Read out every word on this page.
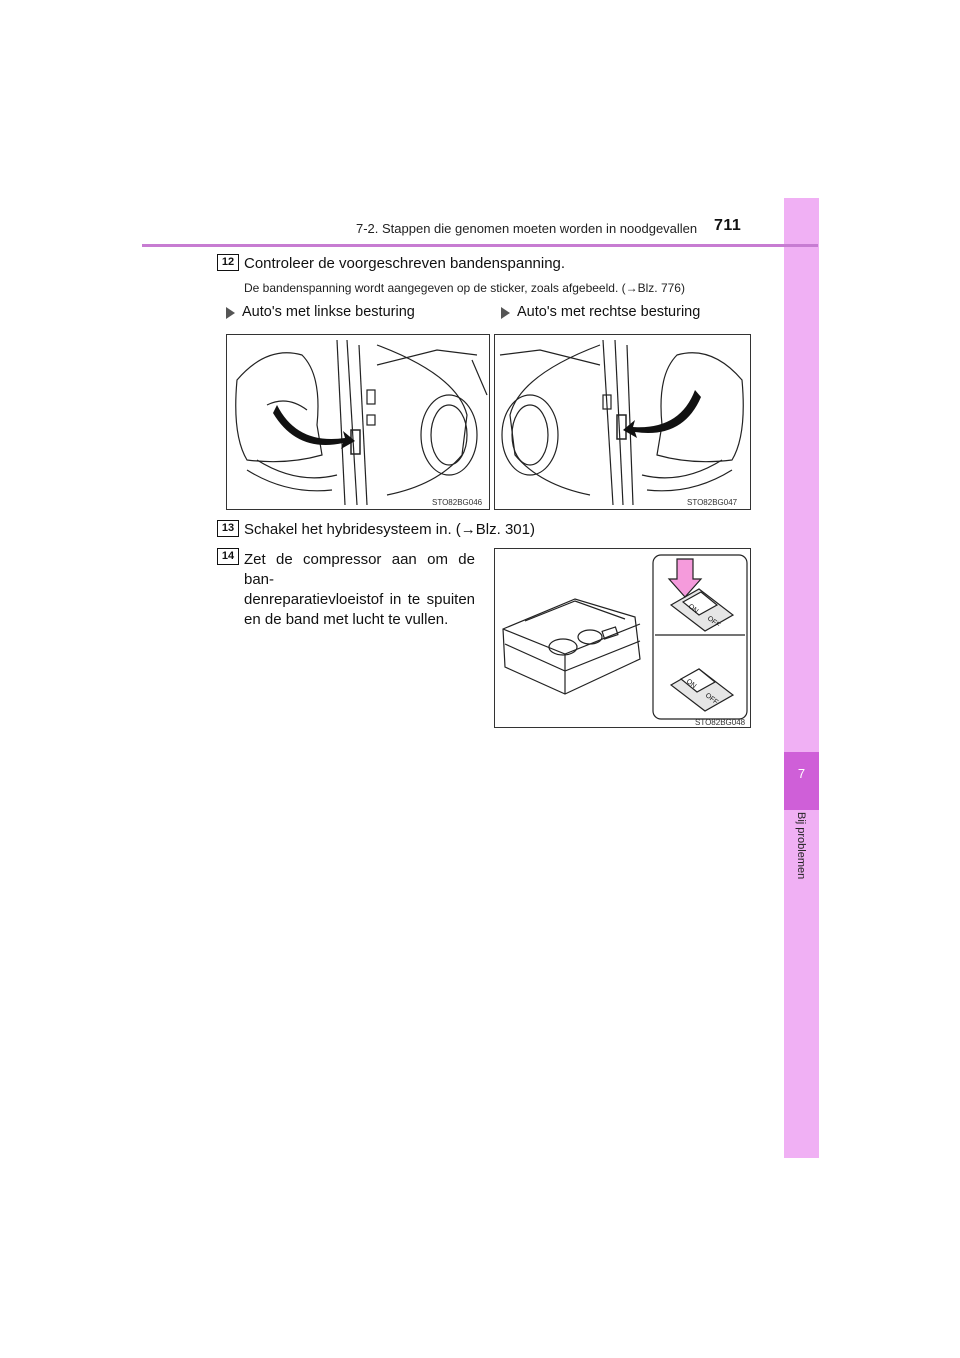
7
Bij problemen
7-2. Stappen die genomen moeten worden in noodgevallen 711
12 Controleer de voorgeschreven bandenspanning.
De bandenspanning wordt aangegeven op de sticker, zoals afgebeeld. (→Blz. 776)
Auto's met linkse besturing	Auto's met rechtse besturing
STO82BG046	STO82BG047
13 Schakel het hybridesysteem in. (→Blz. 301)
14 Zet de compressor aan om de ban-
denreparatievloeistof in te spuiten
en de band met lucht te vullen.
ON
OFF
ON
OFF
STO82BG048
